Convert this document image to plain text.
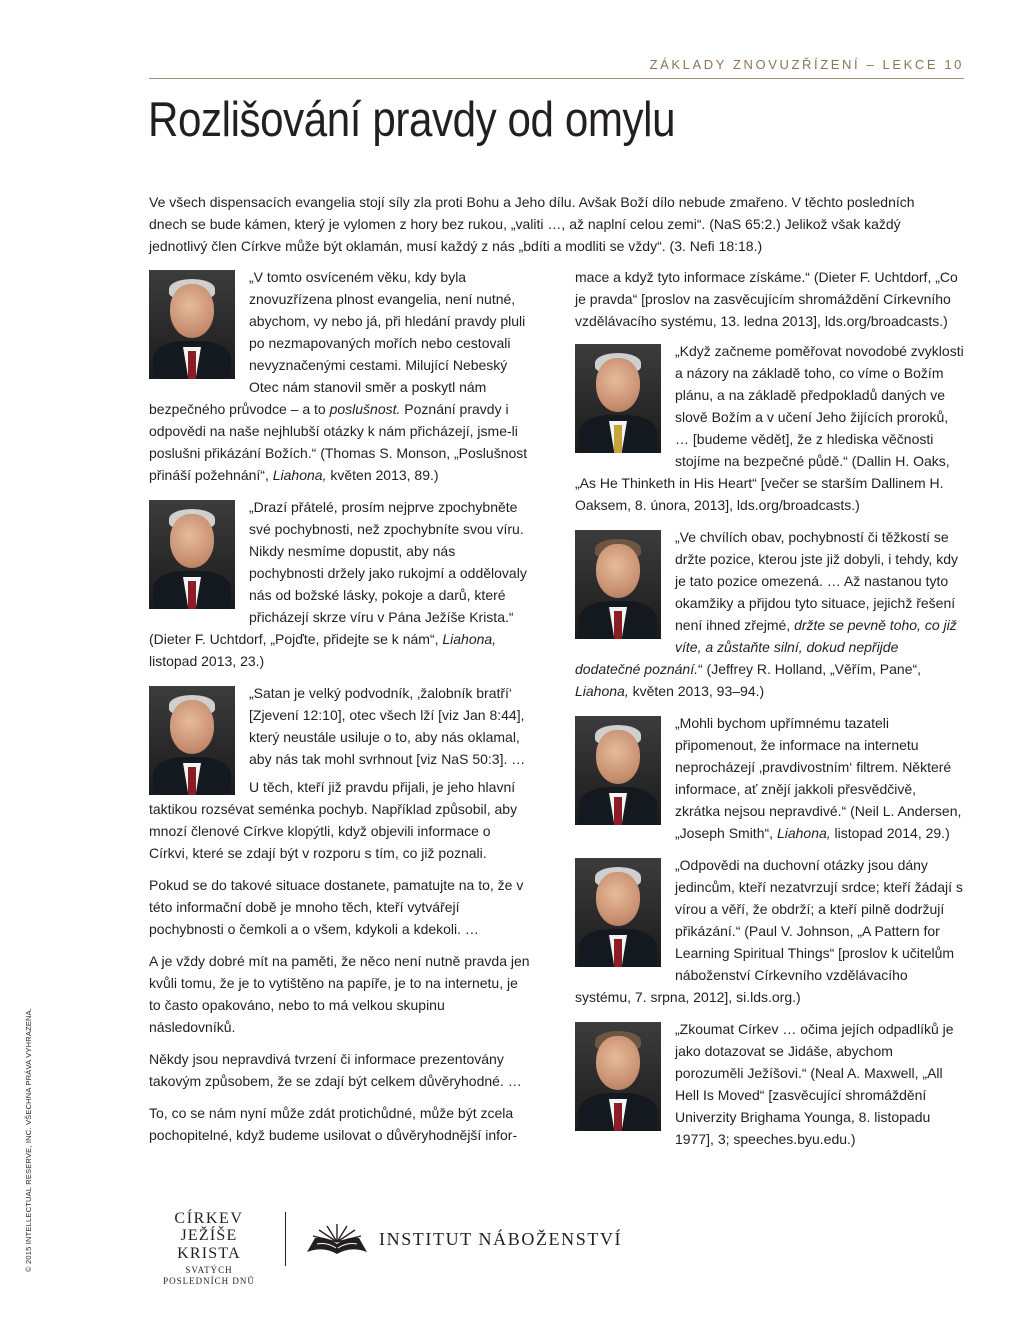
ZÁKLADY ZNOVUZŘÍZENÍ – LEKCE 10
Rozlišování pravdy od omylu

Ve všech dispensacích evangelia stojí síly zla proti Bohu a Jeho dílu. Avšak Boží dílo nebude zmařeno. V těchto posledních dnech se bude kámen, který je vylomen z hory bez rukou, „valiti …, až naplní celou zemi“. (NaS 65:2.) Jelikož však každý jednotlivý člen Církve může být oklamán, musí každý z nás „bdíti a modliti se vždy“. (3. Nefi 18:18.)

„V tomto osvíceném věku, kdy byla znovuzřízena plnost evangelia, není nutné, abychom, vy nebo já, při hledání pravdy pluli po nezmapovaných mořích nebo cestovali nevyznačenými cestami. Milující Nebeský Otec nám stanovil směr a poskytl nám bezpečného průvodce – a to poslušnost. Poznání pravdy i odpovědi na naše nejhlubší otázky k nám přicházejí, jsme-li poslušni přikázání Božích.“ (Thomas S. Monson, „Poslušnost přináší požehnání“, Liahona, květen 2013, 89.)
„Drazí přátelé, prosím nejprve zpochybněte své pochybnosti, než zpochybníte svou víru. Nikdy nesmíme dopustit, aby nás pochybnosti držely jako rukojmí a oddělovaly nás od božské lásky, pokoje a darů, které přicházejí skrze víru v Pána Ježíše Krista.“ (Dieter F. Uchtdorf, „Pojďte, přidejte se k nám“, Liahona, listopad 2013, 23.)
„Satan je velký podvodník, ‚žalobník bratří‘ [Zjevení 12:10], otec všech lží [viz Jan 8:44], který neustále usiluje o to, aby nás oklamal, aby nás tak mohl svrhnout [viz NaS 50:3]. …
U těch, kteří již pravdu přijali, je jeho hlavní taktikou rozsévat seménka pochyb. Například způsobil, aby mnozí členové Církve klopýtli, když objevili informace o Církvi, které se zdají být v rozporu s tím, co již poznali.

Pokud se do takové situace dostanete, pamatujte na to, že v této informační době je mnoho těch, kteří vytvářejí pochybnosti o čemkoli a o všem, kdykoli a kdekoli. …

A je vždy dobré mít na paměti, že něco není nutně pravda jen kvůli tomu, že je to vytištěno na papíře, je to na internetu, je to často opakováno, nebo to má velkou skupinu následovníků.

Někdy jsou nepravdivá tvrzení či informace prezentovány takovým způsobem, že se zdají být celkem důvěryhodné. …

To, co se nám nyní může zdát protichůdné, může být zcela pochopitelné, když budeme usilovat o důvěryhodnější infor-

mace a když tyto informace získáme.“ (Dieter F. Uchtdorf, „Co je pravda“ [proslov na zasvěcujícím shromáždění Církevního vzdělávacího systému, 13. ledna 2013], lds.org/broadcasts.)

„Když začneme poměřovat novodobé zvyklosti a názory na základě toho, co víme o Božím plánu, a na základě předpokladů daných ve slově Božím a v učení Jeho žijících proroků, … [budeme vědět], že z hlediska věčnosti stojíme na bezpečné půdě.“ (Dallin H. Oaks, „As He Thinketh in His Heart“ [večer se starším Dallinem H. Oaksem, 8. února, 2013], lds.org/broadcasts.)
„Ve chvílích obav, pochybností či těžkostí se držte pozice, kterou jste již dobyli, i tehdy, kdy je tato pozice omezená. … Až nastanou tyto okamžiky a přijdou tyto situace, jejichž řešení není ihned zřejmé, držte se pevně toho, co již víte, a zůstaňte silní, dokud nepřijde dodatečné poznání.“ (Jeffrey R. Holland, „Věřím, Pane“, Liahona, květen 2013, 93–94.)
„Mohli bychom upřímnému tazateli připomenout, že informace na internetu neprocházejí ‚pravdivostním‘ filtrem. Některé informace, ať znějí jakkoli přesvědčivě, zkrátka nejsou nepravdivé.“ (Neil L. Andersen, „Joseph Smith“, Liahona, listopad 2014, 29.)
„Odpovědi na duchovní otázky jsou dány jedincům, kteří nezatvrzují srdce; kteří žádají s vírou a věří, že obdrží; a kteří pilně dodržují přikázání.“ (Paul V. Johnson, „A Pattern for Learning Spiritual Things“ [proslov k učitelům náboženství Církevního vzdělávacího systému, 7. srpna, 2012], si.lds.org.)
„Zkoumat Církev … očima jejích odpadlíků je jako dotazovat se Jidáše, abychom porozuměli Ježíšovi.“ (Neal A. Maxwell, „All Hell Is Moved“ [zasvěcující shromáždění Univerzity Brighama Younga, 8. listopadu 1977], 3; speeches.byu.edu.)
© 2015 INTELLECTUAL RESERVE, INC. VŠECHNA PRÁVA VYHRAZENA.	CÍRKEV
JEŽÍŠE KRISTA
SVATÝCH
POSLEDNÍCH DNŮ
INSTITUT NÁBOŽENSTVÍ
